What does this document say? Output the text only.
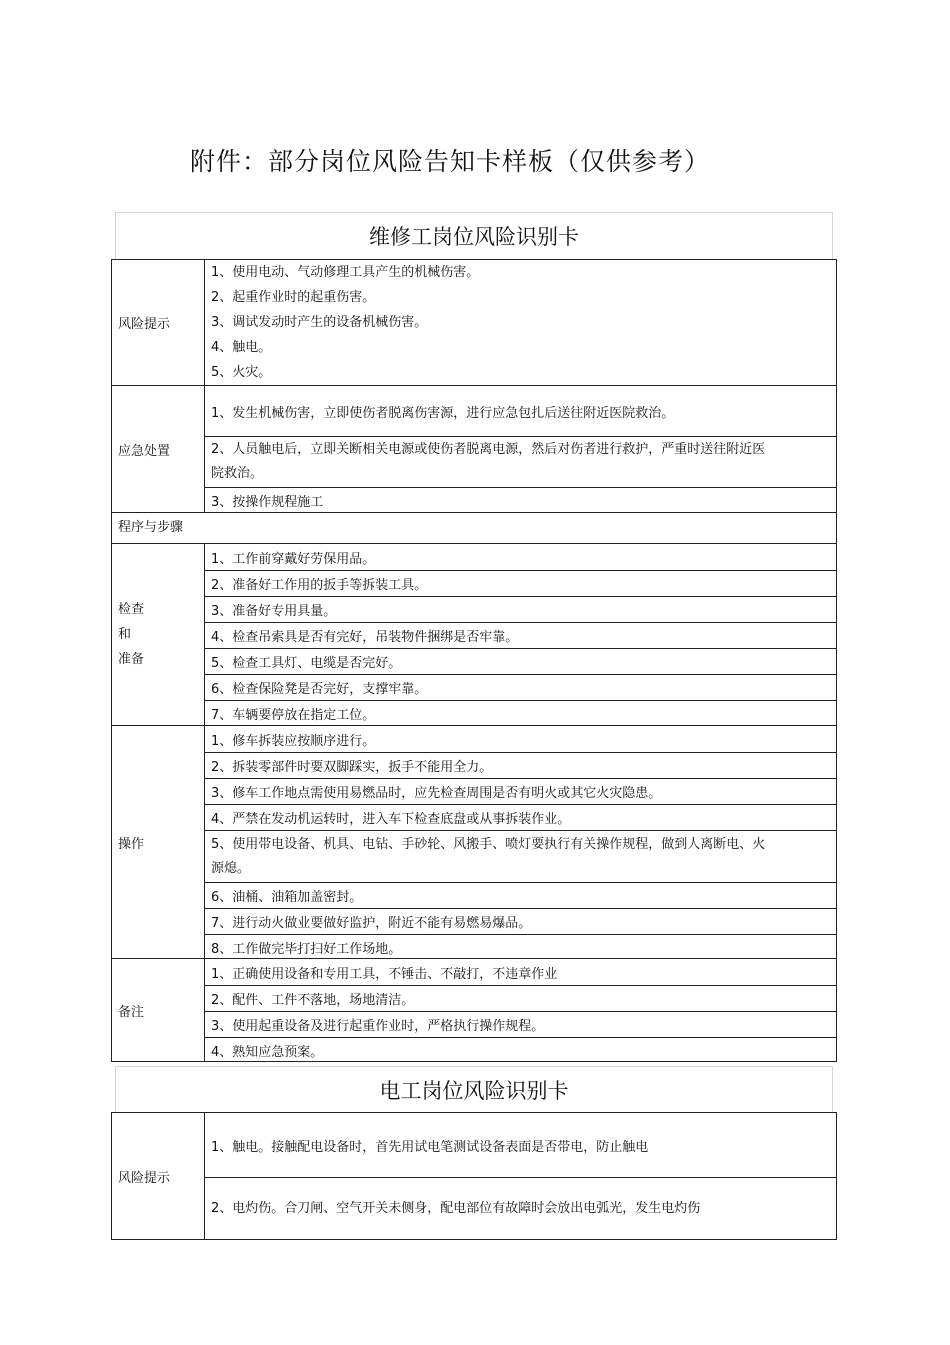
附件：部分岗位风险告知卡样板（仅供参考）
维修工岗位风险识别卡
风险提示
1、使用电动、气动修理工具产生的机械伤害。
2、起重作业时的起重伤害。
3、调试发动时产生的设备机械伤害。
4、触电。
5、火灾。
应急处置
1、发生机械伤害，立即使伤者脱离伤害源，进行应急包扎后送往附近医院救治。
2、人员触电后，立即关断相关电源或使伤者脱离电源，然后对伤者进行救护，严重时送往附近医院救治。
3、按操作规程施工
程序与步骤
检查
和
准备
1、工作前穿戴好劳保用品。
2、准备好工作用的扳手等拆装工具。
3、准备好专用具量。
4、检查吊索具是否有完好，吊装物件捆绑是否牢靠。
5、检查工具灯、电缆是否完好。
6、检查保险凳是否完好，支撑牢靠。
7、车辆要停放在指定工位。
操作
1、修车拆装应按顺序进行。
2、拆装零部件时要双脚踩实，扳手不能用全力。
3、修车工作地点需使用易燃品时，应先检查周围是否有明火或其它火灾隐患。
4、严禁在发动机运转时，进入车下检查底盘或从事拆装作业。
5、使用带电设备、机具、电钻、手砂轮、风搬手、喷灯要执行有关操作规程，做到人离断电、火源熄。
6、油桶、油箱加盖密封。
7、进行动火做业要做好监护，附近不能有易燃易爆品。
8、工作做完毕打扫好工作场地。
备注
1、正确使用设备和专用工具，不锤击、不敲打，不违章作业
2、配件、工件不落地，场地清洁。
3、使用起重设备及进行起重作业时，严格执行操作规程。
4、熟知应急预案。
电工岗位风险识别卡
风险提示
1、触电。接触配电设备时，首先用试电笔测试设备表面是否带电，防止触电
2、电灼伤。合刀闸、空气开关未侧身，配电部位有故障时会放出电弧光，发生电灼伤
